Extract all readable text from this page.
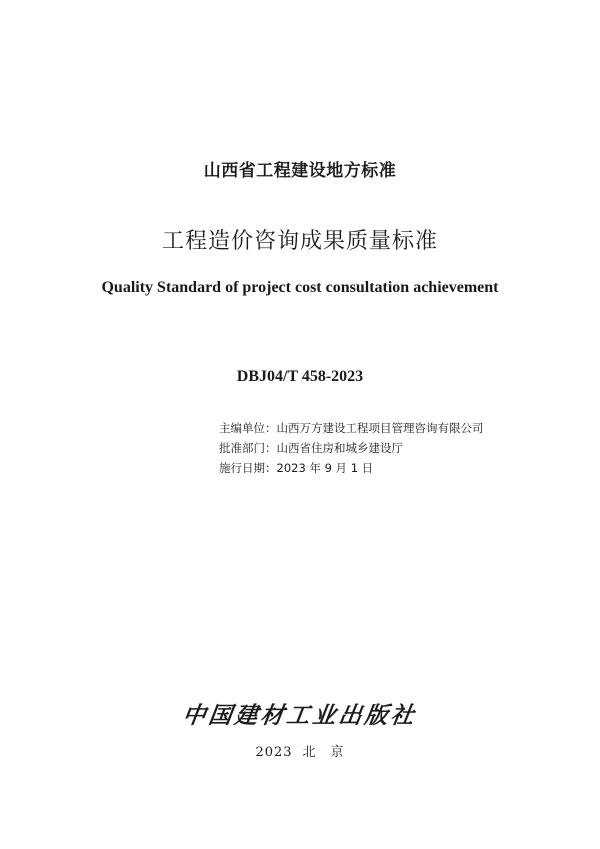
山西省工程建设地方标准
工程造价咨询成果质量标准
Quality Standard of project cost consultation achievement
DBJ04/T 458-2023
主编单位：山西万方建设工程项目管理咨询有限公司
批准部门：山西省住房和城乡建设厅
施行日期：2023 年 9 月 1 日
中国建材工业出版社
2023 北　京
